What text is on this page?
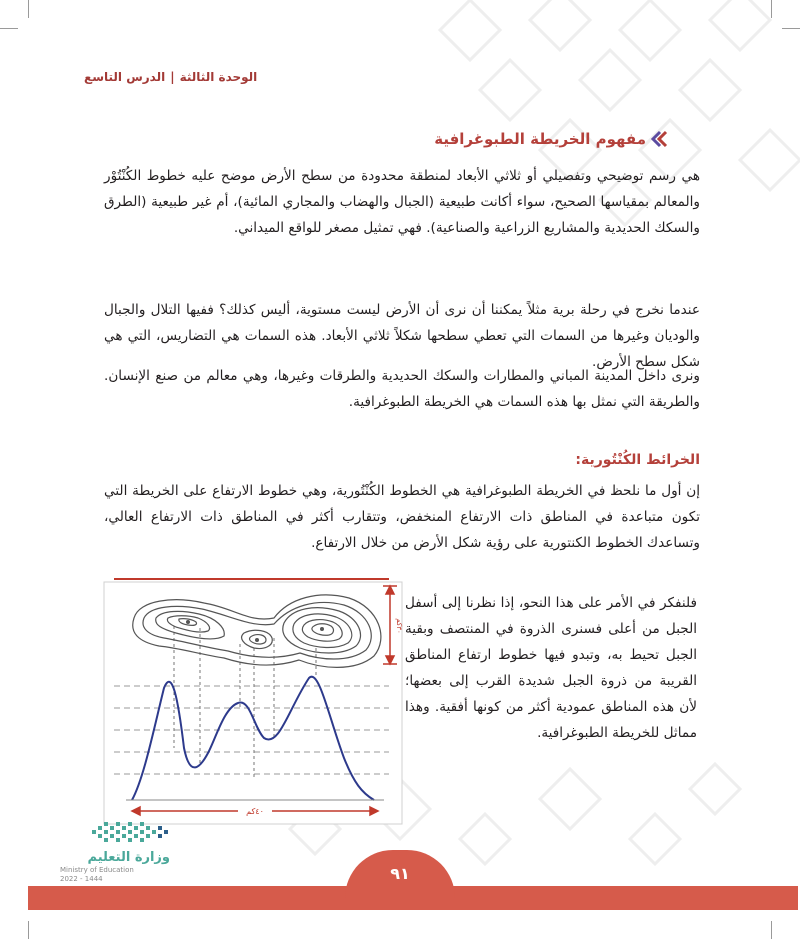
الوحدة الثالثة|الدرس التاسع
مفهوم الخريطة الطبوغرافية

هي رسم توضيحي وتفصيلي أو ثلاثي الأبعاد لمنطقة محدودة من سطح الأرض موضح عليه خطوط الكُنْتُوْر والمعالم بمقياسها الصحيح، سواء أكانت طبيعية (الجبال والهضاب والمجاري المائية)، أم غير طبيعية (الطرق والسكك الحديدية والمشاريع الزراعية والصناعية). فهي تمثيل مصغر للواقع الميداني.

عندما نخرج في رحلة برية مثلاً يمكننا أن نرى أن الأرض ليست مستوية، أليس كذلك؟ ففيها التلال والجبال والوديان وغيرها من السمات التي تعطي سطحها شكلاً ثلاثي الأبعاد. هذه السمات هي التضاريس، التي هي شكل سطح الأرض.

ونرى داخل المدينة المباني والمطارات والسكك الحديدية والطرقات وغيرها، وهي معالم من صنع الإنسان. والطريقة التي نمثل بها هذه السمات هي الخريطة الطبوغرافية.

الخرائط الكُنْتُورية:

إن أول ما نلحظ في الخريطة الطبوغرافية هي الخطوط الكُنْتُورية، وهي خطوط الارتفاع على الخريطة التي تكون متباعدة في المناطق ذات الارتفاع المنخفض، وتتقارب أكثر في المناطق ذات الارتفاع العالي، وتساعدك الخطوط الكنتورية على رؤية شكل الأرض من خلال الارتفاع.

فلنفكر في الأمر على هذا النحو، إذا نظرنا إلى أسفل الجبل من أعلى فسنرى الذروة في المنتصف وبقية الجبل تحيط به، وتبدو فيها خطوط ارتفاع المناطق القريبة من ذروة الجبل شديدة القرب إلى بعضها؛ لأن هذه المناطق عمودية أكثر من كونها أفقية. وهذا مماثل للخريطة الطبوغرافية.

٣٠كم
٤٠كم
٩١
وزارة التعليم
Ministry of Education
2022 - 1444
